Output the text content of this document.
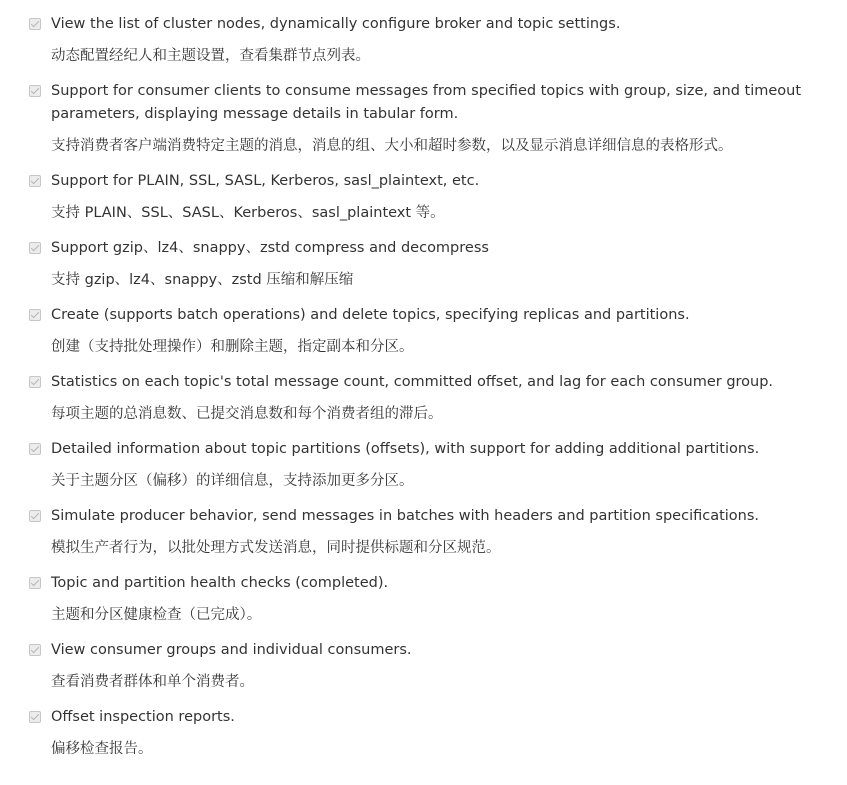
View the list of cluster nodes, dynamically configure broker and topic settings.

动态配置经纪人和主题设置，查看集群节点列表。

Support for consumer clients to consume messages from specified topics with group, size, and timeout parameters, displaying message details in tabular form.

支持消费者客户端消费特定主题的消息，消息的组、大小和超时参数，以及显示消息详细信息的表格形式。

Support for PLAIN, SSL, SASL, Kerberos, sasl_plaintext, etc.

支持 PLAIN、SSL、SASL、Kerberos、sasl_plaintext 等。

Support gzip、lz4、snappy、zstd compress and decompress

支持 gzip、lz4、snappy、zstd 压缩和解压缩

Create (supports batch operations) and delete topics, specifying replicas and partitions.

创建（支持批处理操作）和删除主题，指定副本和分区。

Statistics on each topic's total message count, committed offset, and lag for each consumer group.

每项主题的总消息数、已提交消息数和每个消费者组的滞后。

Detailed information about topic partitions (offsets), with support for adding additional partitions.

关于主题分区（偏移）的详细信息，支持添加更多分区。

Simulate producer behavior, send messages in batches with headers and partition specifications.

模拟生产者行为，以批处理方式发送消息，同时提供标题和分区规范。

Topic and partition health checks (completed).

主题和分区健康检查（已完成）。

View consumer groups and individual consumers.

查看消费者群体和单个消费者。

Offset inspection reports.

偏移检查报告。
